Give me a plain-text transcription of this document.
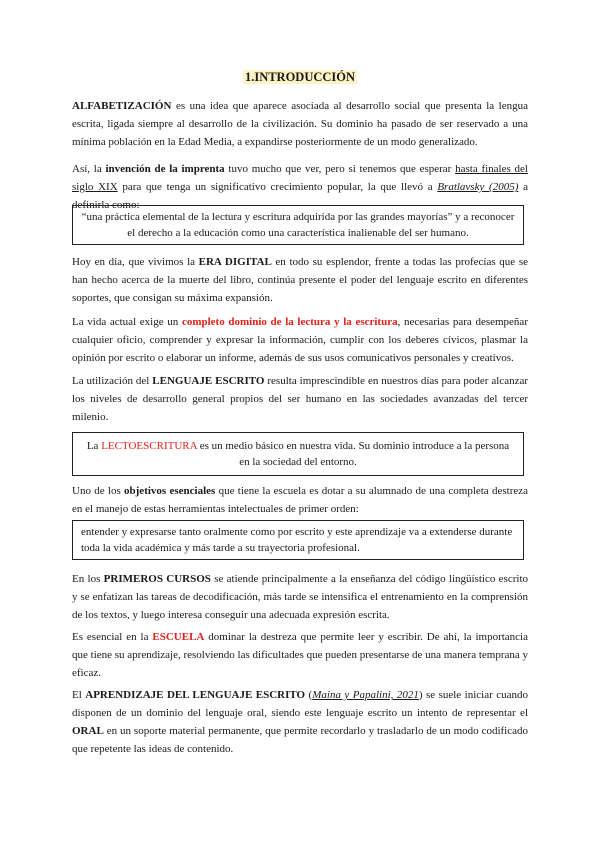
1.INTRODUCCIÓN

ALFABETIZACIÓN es una idea que aparece asociada al desarrollo social que presenta la lengua escrita, ligada siempre al desarrollo de la civilización. Su dominio ha pasado de ser reservado a una mínima población en la Edad Media, a expandirse posteriormente de un modo generalizado.

Así, la invención de la imprenta tuvo mucho que ver, pero si tenemos que esperar hasta finales del siglo XIX para que tenga un significativo crecimiento popular, la que llevó a Bratlavsky (2005) a definirla como:

“una práctica elemental de la lectura y escritura adquirida por las grandes mayorías” y a reconocer el derecho a la educación como una característica inalienable del ser humano.

Hoy en día, que vivimos la ERA DIGITAL en todo su esplendor, frente a todas las profecías que se han hecho acerca de la muerte del libro, continúa presente el poder del lenguaje escrito en diferentes soportes, que consigan su máxima expansión.

La vida actual exige un completo dominio de la lectura y la escritura, necesarias para desempeñar cualquier oficio, comprender y expresar la información, cumplir con los deberes cívicos, plasmar la opinión por escrito o elaborar un informe, además de sus usos comunicativos personales y creativos.

La utilización del LENGUAJE ESCRITO resulta imprescindible en nuestros días para poder alcanzar los niveles de desarrollo general propios del ser humano en las sociedades avanzadas del tercer milenio.

La LECTOESCRITURA es un medio básico en nuestra vida. Su dominio introduce a la persona en la sociedad del entorno.

Uno de los objetivos esenciales que tiene la escuela es dotar a su alumnado de una completa destreza en el manejo de estas herramientas intelectuales de primer orden:

entender y expresarse tanto oralmente como por escrito y este aprendizaje va a extenderse durante toda la vida académica y más tarde a su trayectoria profesional.

En los PRIMEROS CURSOS se atiende principalmente a la enseñanza del código lingüístico escrito y se enfatizan las tareas de decodificación, más tarde se intensifica el entrenamiento en la comprensión de los textos, y luego interesa conseguir una adecuada expresión escrita.

Es esencial en la ESCUELA dominar la destreza que permite leer y escribir. De ahí, la importancia que tiene su aprendizaje, resolviendo las dificultades que pueden presentarse de una manera temprana y eficaz.

El APRENDIZAJE DEL LENGUAJE ESCRITO (Maina y Papalini, 2021) se suele iniciar cuando disponen de un dominio del lenguaje oral, siendo este lenguaje escrito un intento de representar el ORAL en un soporte material permanente, que permite recordarlo y trasladarlo de un modo codificado que repetente las ideas de contenido.
